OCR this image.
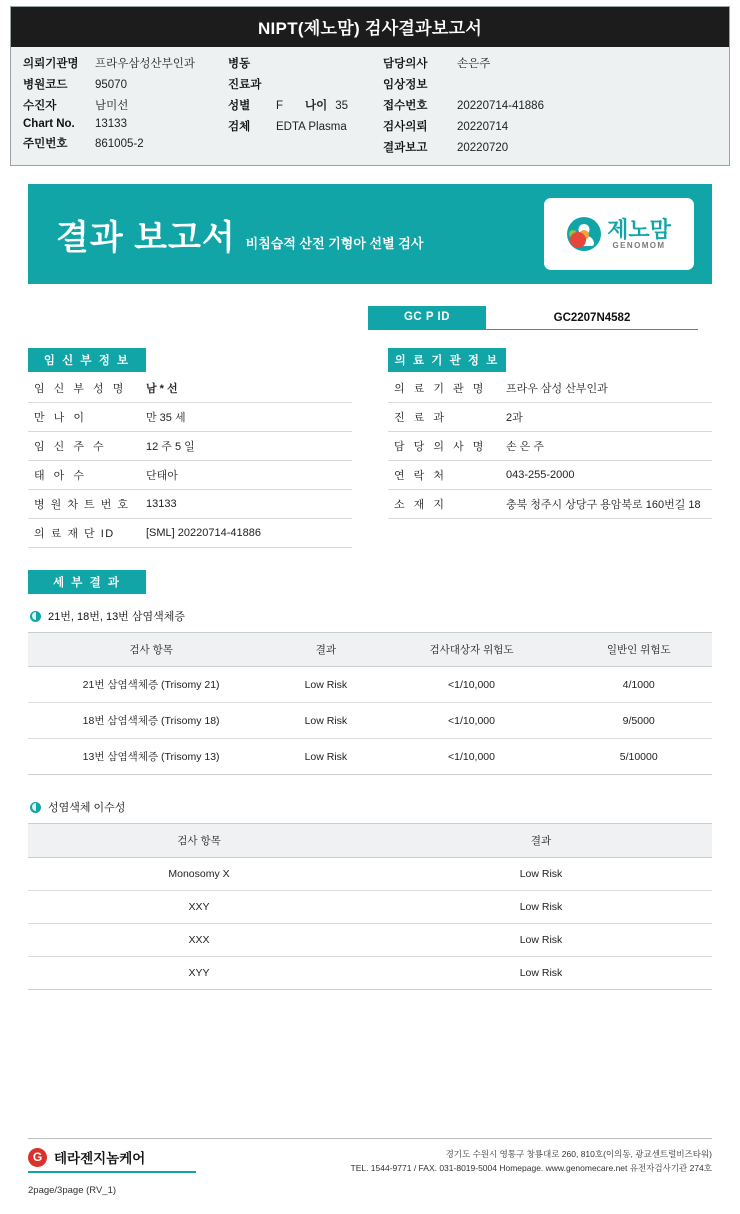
NIPT(제노맘) 검사결과보고서
의뢰기관명	프라우삼성산부인과
병원코드	95070
수진자	남미선
Chart No.	13133
주민번호	861005-2
병동
진료과
성별	F 나이 35
검체	EDTA Plasma
담당의사	손은주
임상정보
접수번호	20220714-41886
검사의뢰	20220714
결과보고	20220720
결과 보고서 비침습적 산전 기형아 선별 검사
제노맘
GENOMOM
GC P ID	GC2207N4582
임 신 부 정 보
임 신 부 성 명	남 * 선
만 나 이	만 35 세
임 신 주 수	12 주 5 일
태 아 수	단태아
병 원 차 트 번 호	13133
의 료 재 단 ID	[SML] 20220714-41886
의 료 기 관 정 보
의 료 기 관 명	프라우 삼성 산부인과
진 료 과	2과
담 당 의 사 명	손 은 주
연 락 처	043-255-2000
소 재 지	충북 청주시 상당구 용암북로 160번길 18
세 부 결 과
21번, 18번, 13번 삼염색체증
검사 항목	결과	검사대상자 위험도	일반인 위험도
21번 삼염색체증 (Trisomy 21)	Low Risk	<1/10,000	4/1000
18번 삼염색체증 (Trisomy 18)	Low Risk	<1/10,000	9/5000
13번 삼염색체증 (Trisomy 13)	Low Risk	<1/10,000	5/10000
성염색체 이수성
검사 항목	결과
Monosomy X	Low Risk
XXY	Low Risk
XXX	Low Risk
XYY	Low Risk
G 테라젠지놈케어
2page/3page (RV_1)
경기도 수원시 영통구 창룡대로 260, 810호(이의동, 광교센트럴비즈타워)
TEL. 1544-9771 / FAX. 031-8019-5004 Homepage. www.genomecare.net 유전자검사기관 274호
